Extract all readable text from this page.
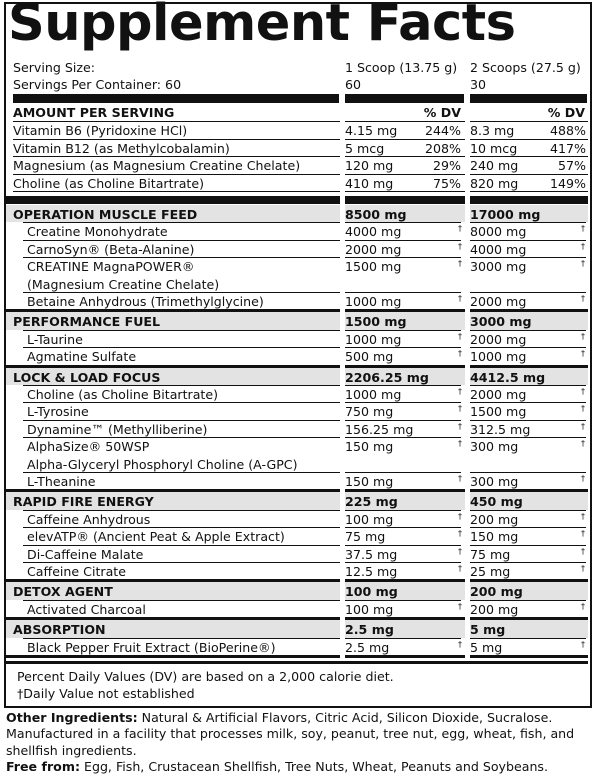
Supplement Facts
Serving Size:	1 Scoop (13.75 g) 2 Scoops (27.5 g)
Servings Per Container: 60	60	30
AMOUNT PER SERVING	% DV	% DV
Vitamin B6 (Pyridoxine HCl)	4.15 mg	244% 8.3 mg	488%
Vitamin B12 (as Methylcobalamin)	5 mcg	208% 10 mcg	417%
Magnesium (as Magnesium Creatine Chelate)	120 mg	29% 240 mg	57%
Choline (as Choline Bitartrate)	410 mg	75% 820 mg	149%
OPERATION MUSCLE FEED	8500 mg	17000 mg
Creatine Monohydrate	4000 mg	† 8000 mg	†
CarnoSyn® (Beta-Alanine)	2000 mg	† 4000 mg	†
CREATINE MagnaPOWER®	1500 mg	† 3000 mg	†
(Magnesium Creatine Chelate)
Betaine Anhydrous (Trimethylglycine)	1000 mg	† 2000 mg	†
PERFORMANCE FUEL	1500 mg	3000 mg
L-Taurine	1000 mg	† 2000 mg	†
Agmatine Sulfate	500 mg	† 1000 mg	†
LOCK & LOAD FOCUS	2206.25 mg	4412.5 mg
Choline (as Choline Bitartrate)	1000 mg	† 2000 mg	†
L-Tyrosine	750 mg	† 1500 mg	†
Dynamine™ (Methylliberine)	156.25 mg	† 312.5 mg	†
AlphaSize® 50WSP	150 mg	† 300 mg	†
Alpha-Glyceryl Phosphoryl Choline (A-GPC)
L-Theanine	150 mg	† 300 mg	†
RAPID FIRE ENERGY	225 mg	450 mg
Caffeine Anhydrous	100 mg	† 200 mg	†
elevATP® (Ancient Peat & Apple Extract)	75 mg	† 150 mg	†
Di-Caffeine Malate	37.5 mg	† 75 mg	†
Caffeine Citrate	12.5 mg	† 25 mg	†
DETOX AGENT	100 mg	200 mg
Activated Charcoal	100 mg	† 200 mg	†
ABSORPTION	2.5 mg	5 mg
Black Pepper Fruit Extract (BioPerine®)	2.5 mg	† 5 mg	†
Percent Daily Values (DV) are based on a 2,000 calorie diet.
†Daily Value not established
Other Ingredients: Natural & Artificial Flavors, Citric Acid, Silicon Dioxide, Sucralose.
Manufactured in a facility that processes milk, soy, peanut, tree nut, egg, wheat, fish, and shellfish ingredients.
Free from: Egg, Fish, Crustacean Shellfish, Tree Nuts, Wheat, Peanuts and Soybeans.
